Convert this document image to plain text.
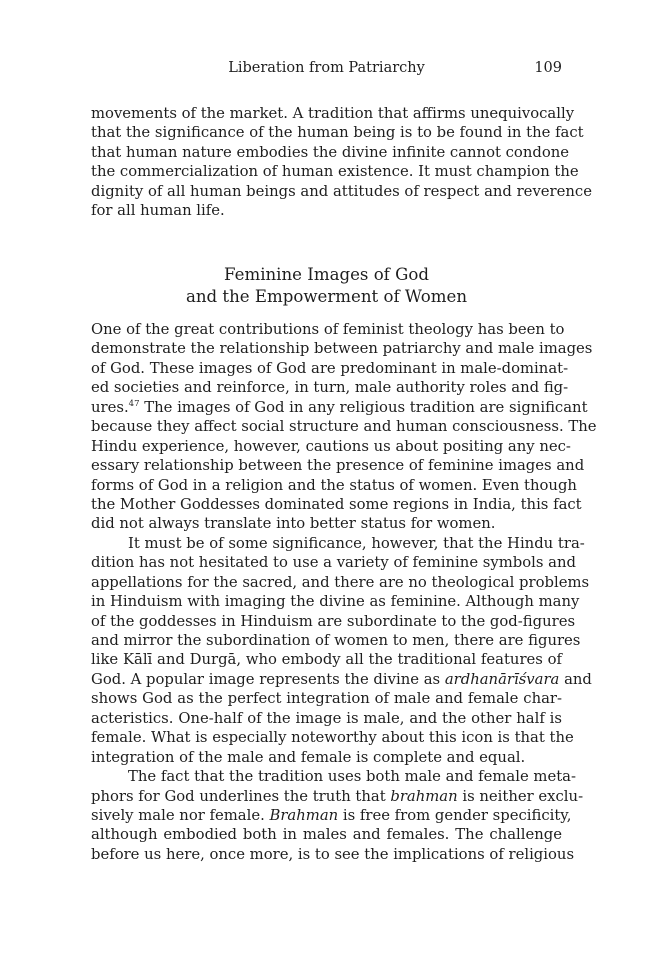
Liberation from Patriarchy	109
movements of the market. A tradition that affirms unequivocally
that the significance of the human being is to be found in the fact
that human nature embodies the divine infinite cannot condone
the commercialization of human existence. It must champion the
dignity of all human beings and attitudes of respect and reverence
for all human life.
Feminine Images of God
and the Empowerment of Women
One of the great contributions of feminist theology has been to
demonstrate the relationship between patriarchy and male images
of God. These images of God are predominant in male-dominat-
ed societies and reinforce, in turn, male authority roles and fig-
ures.$^{47}$ The images of God in any religious tradition are significant
because they affect social structure and human consciousness. The
Hindu experience, however, cautions us about positing any nec-
essary relationship between the presence of feminine images and
forms of God in a religion and the status of women. Even though
the Mother Goddesses dominated some regions in India, this fact
did not always translate into better status for women.
It must be of some significance, however, that the Hindu tra-
dition has not hesitated to use a variety of feminine symbols and
appellations for the sacred, and there are no theological problems
in Hinduism with imaging the divine as feminine. Although many
of the goddesses in Hinduism are subordinate to the god-figures
and mirror the subordination of women to men, there are figures
like Kālī and Durgā, who embody all the traditional features of
God. A popular image represents the divine as ardhanārīśvara and
shows God as the perfect integration of male and female char-
acteristics. One-half of the image is male, and the other half is
female. What is especially noteworthy about this icon is that the
integration of the male and female is complete and equal.
The fact that the tradition uses both male and female meta-
phors for God underlines the truth that brahman is neither exclu-
sively male nor female. Brahman is free from gender specificity,
although embodied both in males and females. The challenge
before us here, once more, is to see the implications of religious
